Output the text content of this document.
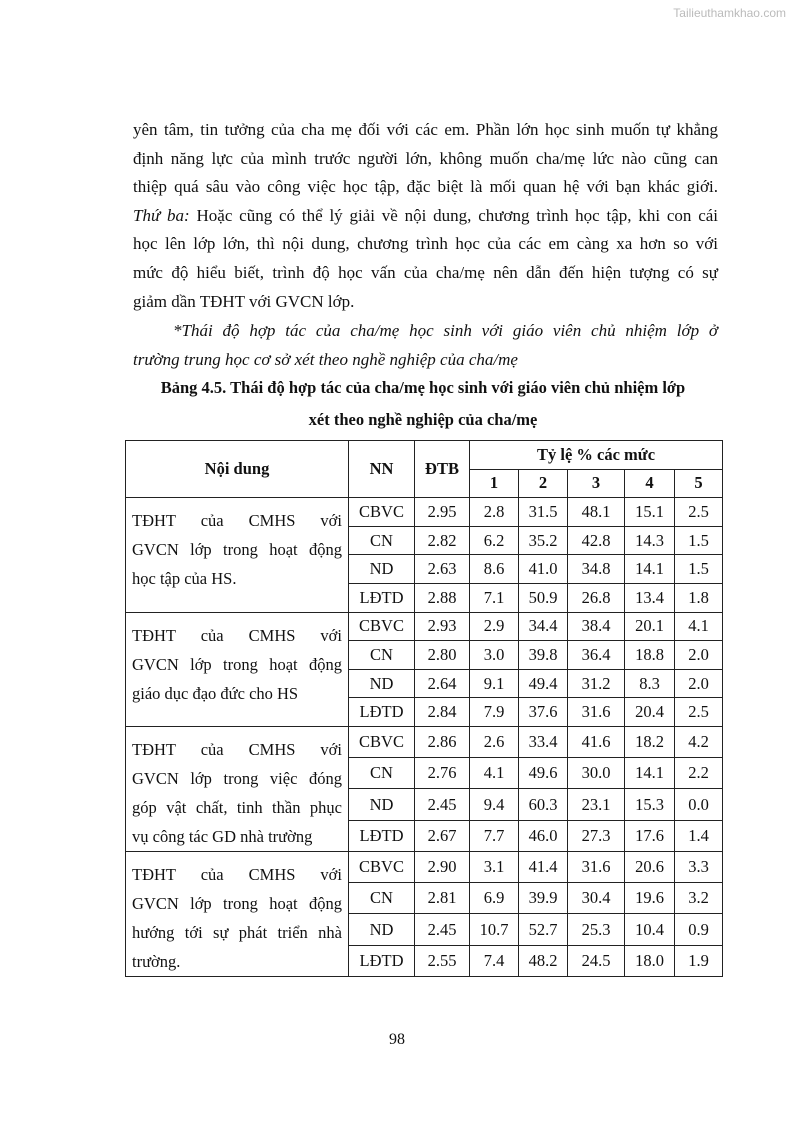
Tailieuthamkhao.com
yên tâm, tin tưởng của cha mẹ đối với các em. Phần lớn học sinh muốn tự khẳng
định năng lực của mình trước người lớn, không muốn cha/mẹ lức nào cũng can
thiệp quá sâu vào công việc học tập, đặc biệt là mối quan hệ với bạn khác giới.
Thứ ba: Hoặc cũng có thể lý giải về nội dung, chương trình học tập, khi con cái
học lên lớp lớn, thì nội dung, chương trình học của các em càng xa hơn so với
mức độ hiểu biết, trình độ học vấn của cha/mẹ nên dẫn đến hiện tượng có sự
giảm dần TĐHT với GVCN lớp.
*Thái độ hợp tác của cha/mẹ học sinh với giáo viên chủ nhiệm lớp ở
trường trung học cơ sở xét theo nghề nghiệp của cha/mẹ
Bảng 4.5. Thái độ hợp tác của cha/mẹ học sinh với giáo viên chủ nhiệm lớp
xét theo nghề nghiệp của cha/mẹ
Nội dung	NN	ĐTB	Tỷ lệ % các mức				
			1	2	3	4	5

TĐHT của CMHS với
GVCN lớp trong hoạt động
học tập của HS.	CBVC	2.95	2.8	31.5	48.1	15.1	2.5
	CN	2.82	6.2	35.2	42.8	14.3	1.5
	ND	2.63	8.6	41.0	34.8	14.1	1.5
	LĐTD	2.88	7.1	50.9	26.8	13.4	1.8

TĐHT của CMHS với
GVCN lớp trong hoạt động
giáo dục đạo đức cho HS	CBVC	2.93	2.9	34.4	38.4	20.1	4.1
	CN	2.80	3.0	39.8	36.4	18.8	2.0
	ND	2.64	9.1	49.4	31.2	8.3	2.0
	LĐTD	2.84	7.9	37.6	31.6	20.4	2.5

TĐHT của CMHS với
GVCN lớp trong việc đóng
góp vật chất, tinh thần phục
vụ công tác GD nhà trường	CBVC	2.86	2.6	33.4	41.6	18.2	4.2
	CN	2.76	4.1	49.6	30.0	14.1	2.2
	ND	2.45	9.4	60.3	23.1	15.3	0.0
	LĐTD	2.67	7.7	46.0	27.3	17.6	1.4

TĐHT của CMHS với
GVCN lớp trong hoạt động
hướng tới sự phát triển nhà
trường.	CBVC	2.90	3.1	41.4	31.6	20.6	3.3
	CN	2.81	6.9	39.9	30.4	19.6	3.2
	ND	2.45	10.7	52.7	25.3	10.4	0.9
	LĐTD	2.55	7.4	48.2	24.5	18.0	1.9
98
